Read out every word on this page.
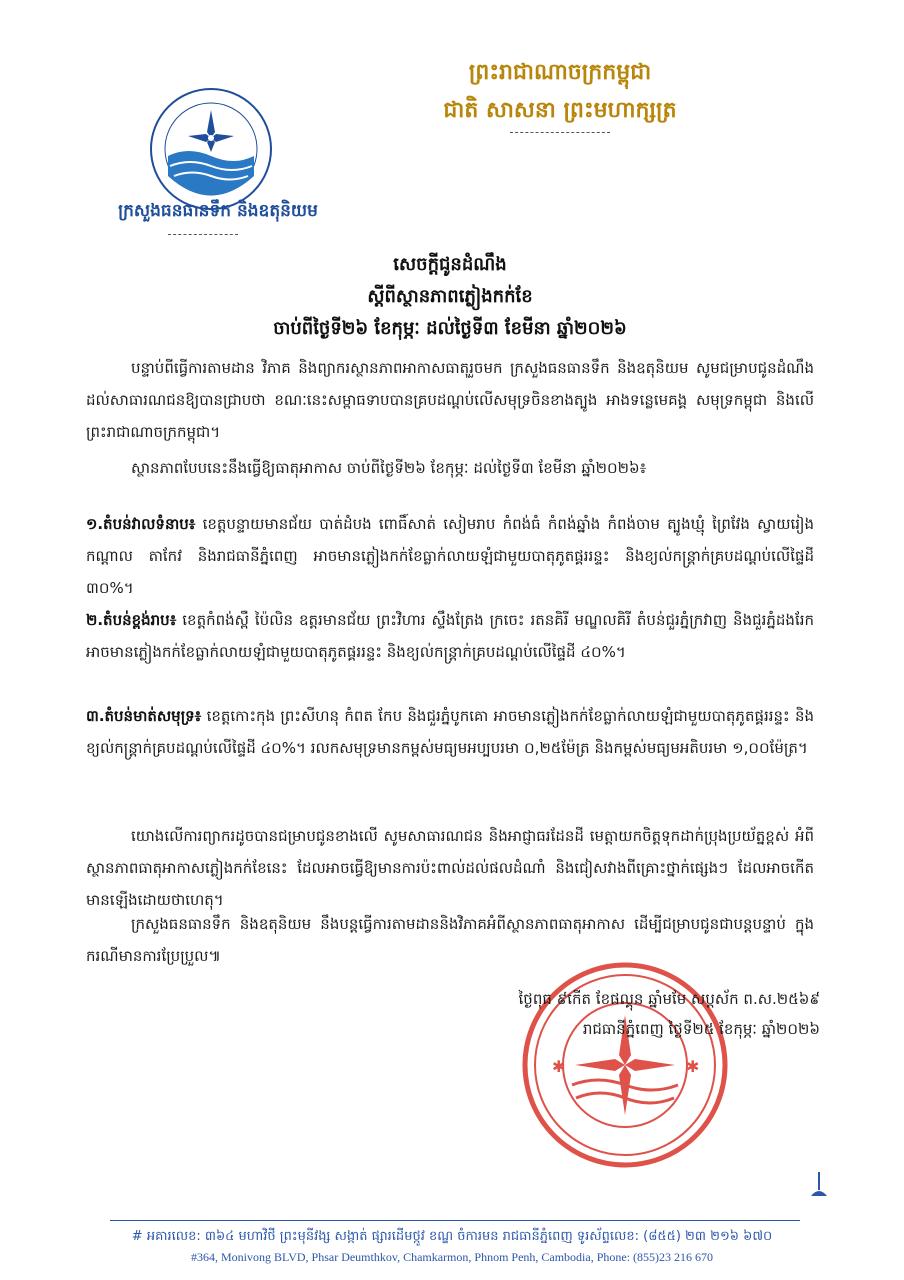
ក្រសួងធនធានទឹក និងឧតុនិយម
ព្រះរាជាណាចក្រកម្ពុជា
ជាតិ សាសនា ព្រះមហាក្សត្រ
សេចក្តីជូនដំណឹង
ស្តីពីស្ថានភាពភ្លៀងកក់ខែ
ចាប់ពីថ្ងៃទី២៦ ខែកុម្ភៈ ដល់ថ្ងៃទី៣ ខែមីនា ឆ្នាំ២០២៦
បន្ទាប់ពីធ្វើការតាមដាន វិភាគ និងព្យាករស្ថានភាពអាកាសធាតុរួចមក ក្រសួងធនធានទឹក និងឧតុនិយម សូមជម្រាបជូនដំណឹងដល់សាធារណជនឱ្យបានជ្រាបថា ខណៈនេះសម្ពាធទាបបានគ្របដណ្តប់លើសមុទ្រចិនខាងត្បូង អាងទន្លេមេគង្គ សមុទ្រកម្ពុជា និងលើព្រះរាជាណាចក្រកម្ពុជា។
ស្ថានភាពបែបនេះនឹងធ្វើឱ្យធាតុអាកាស ចាប់ពីថ្ងៃទី២៦ ខែកុម្ភៈ ដល់ថ្ងៃទី៣ ខែមីនា ឆ្នាំ២០២៦៖
១.តំបន់វាលទំនាប៖ ខេត្តបន្ទាយមានជ័យ បាត់ដំបង ពោធិ៍សាត់ សៀមរាប កំពង់ធំ កំពង់ឆ្នាំង កំពង់ចាម ត្បូងឃ្មុំ ព្រៃវែង ស្វាយរៀង កណ្តាល តាកែវ និងរាជធានីភ្នំពេញ អាចមានភ្លៀងកក់ខែធ្លាក់លាយឡំជាមួយបាតុភូតផ្គររន្ទះ និងខ្យល់កន្ត្រាក់គ្របដណ្តប់លើផ្ទៃដី ៣០%។
២.តំបន់ខ្ពង់រាប៖ ខេត្តកំពង់ស្ពឺ ប៉ៃលិន ឧត្តរមានជ័យ ព្រះវិហារ ស្ទឹងត្រែង ក្រចេះ រតនគិរី មណ្ឌលគិរី តំបន់ជួរភ្នំក្រវាញ និងជួរភ្នំដងរែក អាចមានភ្លៀងកក់ខែធ្លាក់លាយឡំជាមួយបាតុភូតផ្គររន្ទះ និងខ្យល់កន្ត្រាក់គ្របដណ្តប់លើផ្ទៃដី ៤០%។
៣.តំបន់មាត់សមុទ្រ៖ ខេត្តកោះកុង ព្រះសីហនុ កំពត កែប និងជួរភ្នំបូកគោ អាចមានភ្លៀងកក់ខែធ្លាក់លាយឡំជាមួយបាតុភូតផ្គររន្ទះ និងខ្យល់កន្ត្រាក់គ្របដណ្តប់លើផ្ទៃដី ៤០%។ រលកសមុទ្រមានកម្ពស់មធ្យមអប្បបរមា ០,២៥ម៉ែត្រ និងកម្ពស់មធ្យមអតិបរមា ១,០០ម៉ែត្រ។
យោងលើការព្យាករដូចបានជម្រាបជូនខាងលើ សូមសាធារណជន និងអាជ្ញាធរដែនដី មេត្តាយកចិត្តទុកដាក់ប្រុងប្រយ័ត្នខ្ពស់ អំពីស្ថានភាពធាតុអាកាសភ្លៀងកក់ខែនេះ ដែលអាចធ្វើឱ្យមានការប៉ះពាល់ដល់ផលដំណាំ និងជៀសវាងពីគ្រោះថ្នាក់ផ្សេងៗ ដែលអាចកើតមានឡើងដោយថាហេតុ។
ក្រសួងធនធានទឹក និងឧតុនិយម នឹងបន្តធ្វើការតាមដាននិងវិភាគអំពីស្ថានភាពធាតុអាកាស ដើម្បីជម្រាបជូនជាបន្តបន្ទាប់ ក្នុងករណីមានការប្រែប្រួល៕
✱	✱
ថ្ងៃពុធ ៩កើត ខែផល្គុន ឆ្នាំមមែ សប្តស័ក ព.ស.២៥៦៩
រាជធានីភ្នំពេញ ថ្ងៃទី២៥ ខែកុម្ភៈ ឆ្នាំ២០២៦
# អគារលេខ: ៣៦៤ មហាវិថី ព្រះមុនីវង្ស សង្កាត់ ផ្សារដើមថ្កូវ ខណ្ឌ ចំការមន រាជធានីភ្នំពេញ ទូរស័ព្ទលេខ: (៨៥៥) ២៣ ២១៦ ៦៧០
#364, Monivong BLVD, Phsar Deumthkov, Chamkarmon, Phnom Penh, Cambodia, Phone: (855)23 216 670
